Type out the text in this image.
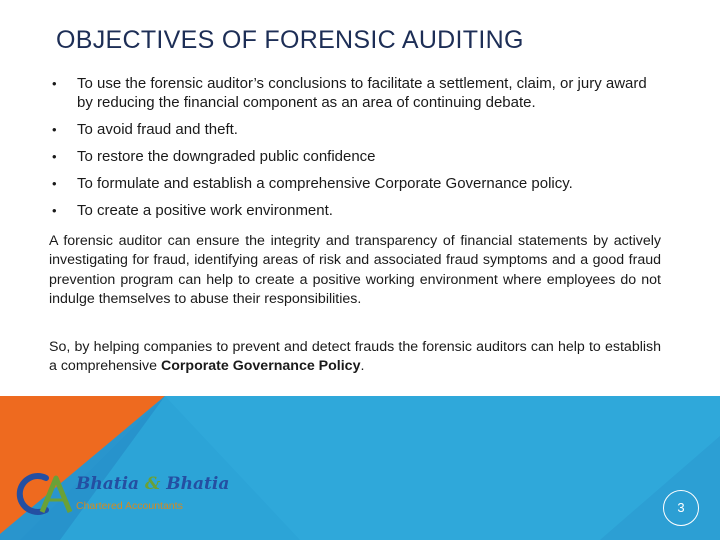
OBJECTIVES OF FORENSIC AUDITING
• To use the forensic auditor’s conclusions to facilitate a settlement, claim, or jury award by reducing the financial component as an area of continuing debate.
• To avoid fraud and theft.
• To restore the downgraded public confidence
• To formulate and establish a comprehensive Corporate Governance policy.
• To create a positive work environment.

A forensic auditor can ensure the integrity and transparency of financial statements by actively investigating for fraud, identifying areas of risk and associated fraud symptoms and a good fraud prevention program can help to create a positive working environment where employees do not indulge themselves to abuse their responsibilities.

So, by helping companies to prevent and detect frauds the forensic auditors can help to establish a comprehensive Corporate Governance Policy.

Bhatia & Bhatia
Chartered Accountants	3
